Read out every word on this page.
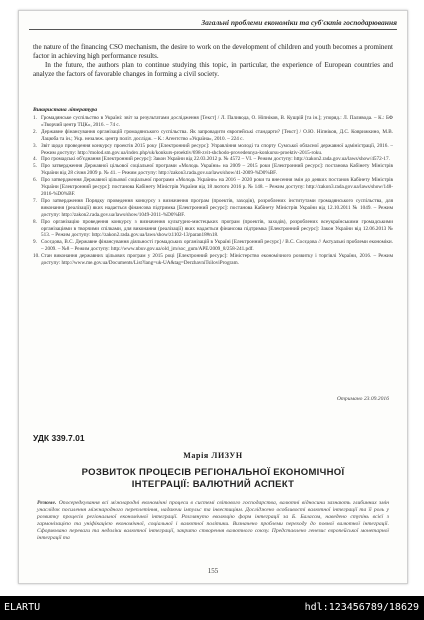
Загальні проблеми економіки та суб'єктів господарювання

the nature of the financing CSO mechanism, the desire to work on the development of children and youth becomes a prominent factor in achieving high performance results.

In the future, the authors plan to continue studying this topic, in particular, the experience of European countries and analyze the factors of favorable changes in forming a civil society.

Використана література
1. Громадянське суспільство в Україні: звіт за результатами дослідження [Текст] / Л. Паливода, О. Ніпніков, В. Кушрій [та ін.]; упоряд.: Л. Паливода. – К.: БФ «Творчий центр ТЦК», 2016. – 74 с.
2. Державне фінансування організацій громадянського суспільства. Як запровадити європейські стандарти? [Текст] / О.Ю. Ніпніков, Д.С. Коврижкино, М.В. Лацюба та ін.; Укр. незалеж. центр політ. дослідж. – К.: Агентство «Україна», 2010. – 224 с.
3. Звіт щодо проведення конкурсу проектів 2015 року [Електронний ресурс]: Управління молоді та спорту Сумської обласної державної адміністрації, 2016. – Режим доступу: http://molod.sm.gov.ua/index.php/uk/konkurs-proektiv/698-zvit-shchodo-provedennya-konkursu-proektiv-2015-roku.
4. Про громадські об'єднання [Електронний ресурс]: Закон України від 22.03.2012 р. № 4572 – VI. – Режим доступу: http://zakon2.rada.gov.ua/laws/show/4572-17.
5. Про затвердження Державної цільової соціальної програми «Молодь України» на 2009 – 2015 роки [Електронний ресурс]: постанова Кабінету Міністрів України від 28 січня 2009 р. № 41. – Режим доступу: http://zakon3.rada.gov.ua/laws/show/41-2009-%D0%BF.
6. Про затвердження Державної цільової соціальної програми «Молодь України» на 2016 – 2020 роки та внесення змін до деяких постанов Кабінету Міністрів України [Електронний ресурс]: постанова Кабінету Міністрів України від 18 лютого 2016 р. № 148. – Режим доступу: http://zakon3.rada.gov.ua/laws/show/148-2016-%D0%BF.
7. Про затвердження Порядку проведення конкурсу з визначення програм (проектів, заходів), розроблених інститутами громадянського суспільства, для виконання (реалізації) яких надається фінансова підтримка [Електронний ресурс]: постанова Кабінету Міністрів України від 12.10.2011 № 1049. – Режим доступу: http://zakon2.rada.gov.ua/laws/show/1049-2011-%D0%BF.
8. Про організацію проведення конкурсу з визначення культурно-мистецьких програм (проектів, заходів), розроблених всеукраїнськими громадськими організаціями в творчими спілками, для виконання (реалізації) яких надається фінансова підтримка [Електронний ресурс]: Закон України від 12.06.2013 № 513. – Режим доступу: http://zakon2.rada.gov.ua/laws/show/z1102-13/paran18#n18.
9. Сосєдова, В.С. Державне фінансування діяльності громадських організацій в Україні [Електронний ресурс] / В.С. Сосєдова // Актуальні проблеми економіки. – 2009. – №8 – Режим доступу: http://www.nbuv.gov.ua/old_jrn/soc_gum/APE/2009_8/258-241.pdf.
10. Стан виконання державних цільових програм у 2015 році [Електронний ресурс]: Міністерство економічного розвитку і торгівлі України, 2016. – Режим доступу: http://www.me.gov.ua/Documents/List?lang=uk-UA&tag=DerzhavniTsiloviProgram.
Отримано 23.09.2016
УДК 339.7.01
Марія ЛИЗУН
РОЗВИТОК ПРОЦЕСІВ РЕГІОНАЛЬНОЇ ЕКОНОМІЧНОЇ ІНТЕГРАЦІЇ: ВАЛЮТНИЙ АСПЕКТ
Резюме. Опосередкування всі міжнародні економічні процеси в системі світового господарства, валютні відносини зазнають глибинних змін унаслідок посилення міжнародного переплетіння, надаючи імпульс та інвестиціям. Досліджено особливості валютної інтеграції та її роль у розвитку процесів регіональної економічної інтеграції. Розглянуто еволюцію форм інтеграції за Б. Баласом, наведено ступінь всієї з гармонізацією та уніфікацією економічної, соціальної і валютної політики. Визначено проблеми переходу до повної валютної інтеграції. Сформовано переваги та недоліки валютної інтеграції, закрито створення валютного союзу. Представлено генезис європейської монетарної інтеграції та
155
ELARTU	hdl:123456789/18629
